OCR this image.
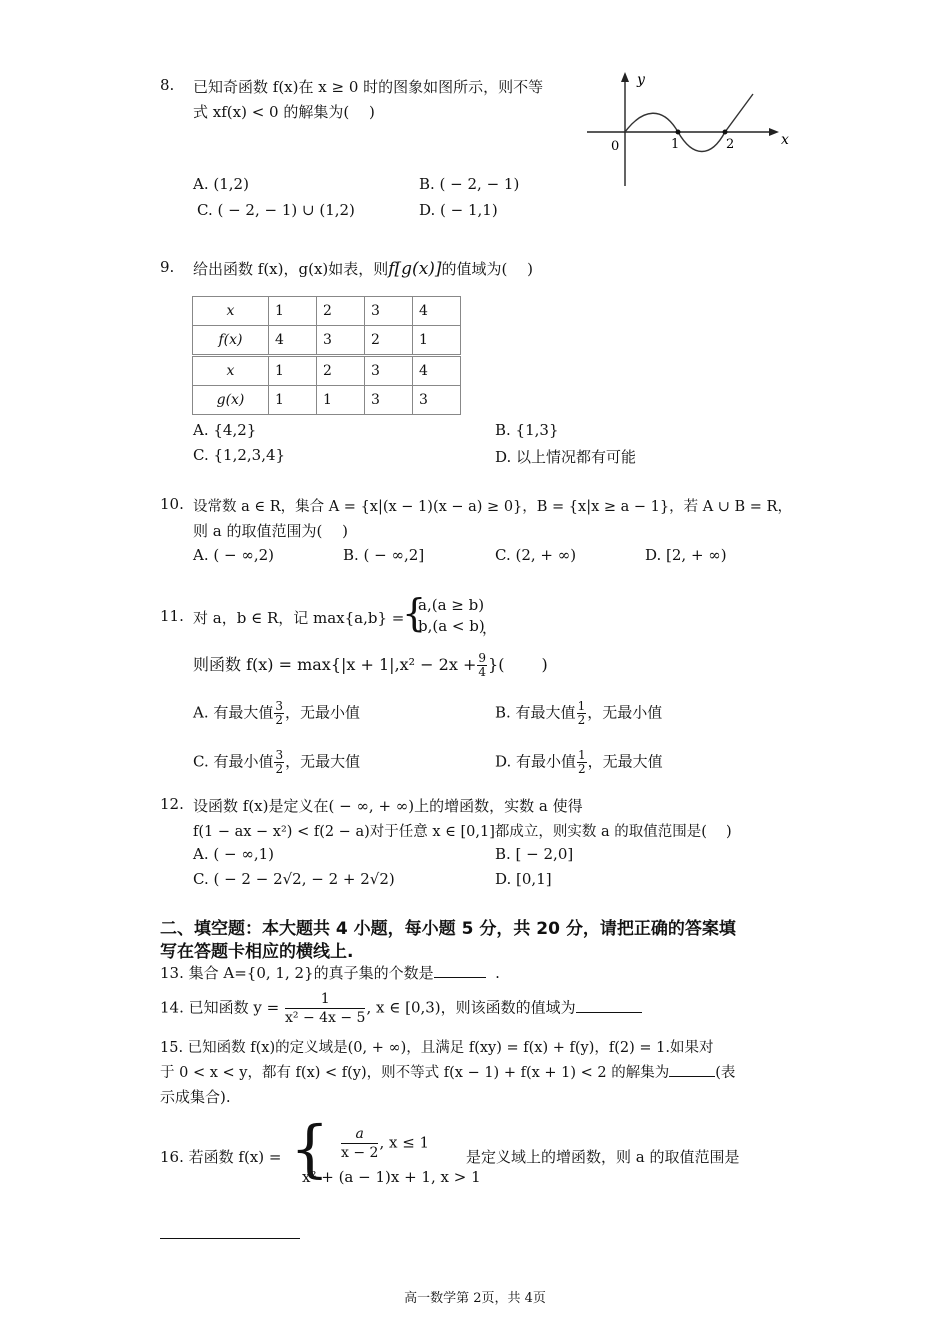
8. 已知奇函数 f(x)在 x ≥ 0 时的图象如图所示，则不等
式 xf(x) < 0 的解集为(　 )
A. (1,2)	B. ( − 2, − 1)
C. ( − 2, − 1) ∪ (1,2)	D. ( − 1,1)
y
x
0	1	2
9. 给出函数 f(x)，g(x)如表，则f[g(x)]的值域为(　 )
x	1	2	3	4
f(x)	4	3	2	1
x	1	2	3	4
g(x)	1	1	3	3
A. {4,2}	B. {1,3}
C. {1,2,3,4}	D. 以上情况都有可能
10. 设常数 a ∈ R，集合 A = {x|(x − 1)(x − a) ≥ 0}，B = {x|x ≥ a − 1}，若 A ∪ B = R，
则 a 的取值范围为(　 )
A. ( − ∞,2)	B. ( − ∞,2]	C. (2, + ∞)	D. [2, + ∞)
11. 对 a，b ∈ R，记 max{a,b} =
{
a,(a ≥ b)
b,(a < b)
，
则函数 $f(x) = \max\{|x + 1|,x^2 - 2x + \frac{9}{4}$ }(　　 )
A. 有最大值 $\frac{3}{2}$ ，无最小值	B. 有最大值 $\frac{1}{2}$ ，无最小值
C. 有最小值 $\frac{3}{2}$ ，无最大值	D. 有最小值 $\frac{1}{2}$ ，无最大值
12. 设函数 f(x)是定义在( − ∞, + ∞)上的增函数，实数 a 使得
f(1 − ax − x²) < f(2 − a)对于任意 x ∈ [0,1]都成立，则实数 a 的取值范围是(　 )
A. ( − ∞,1)	B. [ − 2,0]
C. ( − 2 − 2√2, − 2 + 2√2)	D. [0,1]
二、填空题：本大题共 4 小题，每小题 5 分，共 20 分，请把正确的答案填
写在答题卡相应的横线上.
13. 集合 A={0, 1, 2}的真子集的个数是	.
14. 已知函数 $y = \frac{1}{\text{x² − 4x − 5}}$ , x ∈ [0,3)，则该函数的值域为
15. 已知函数 f(x)的定义域是(0, + ∞)，且满足 f(xy) = f(x) + f(y)，f(2) = 1.如果对
于 0 < x < y，都有 f(x) < f(y)，则不等式 f(x − 1) + f(x + 1) < 2 的解集为	(表
示成集合).
16. 若函数 f(x) = { $\frac{a}{x - 2}$ , x ≤ 1
x² + (a − 1)x + 1, x > 1
是定义域上的增函数，则 a 的取值范围是
高一数学第 2页，共 4页
